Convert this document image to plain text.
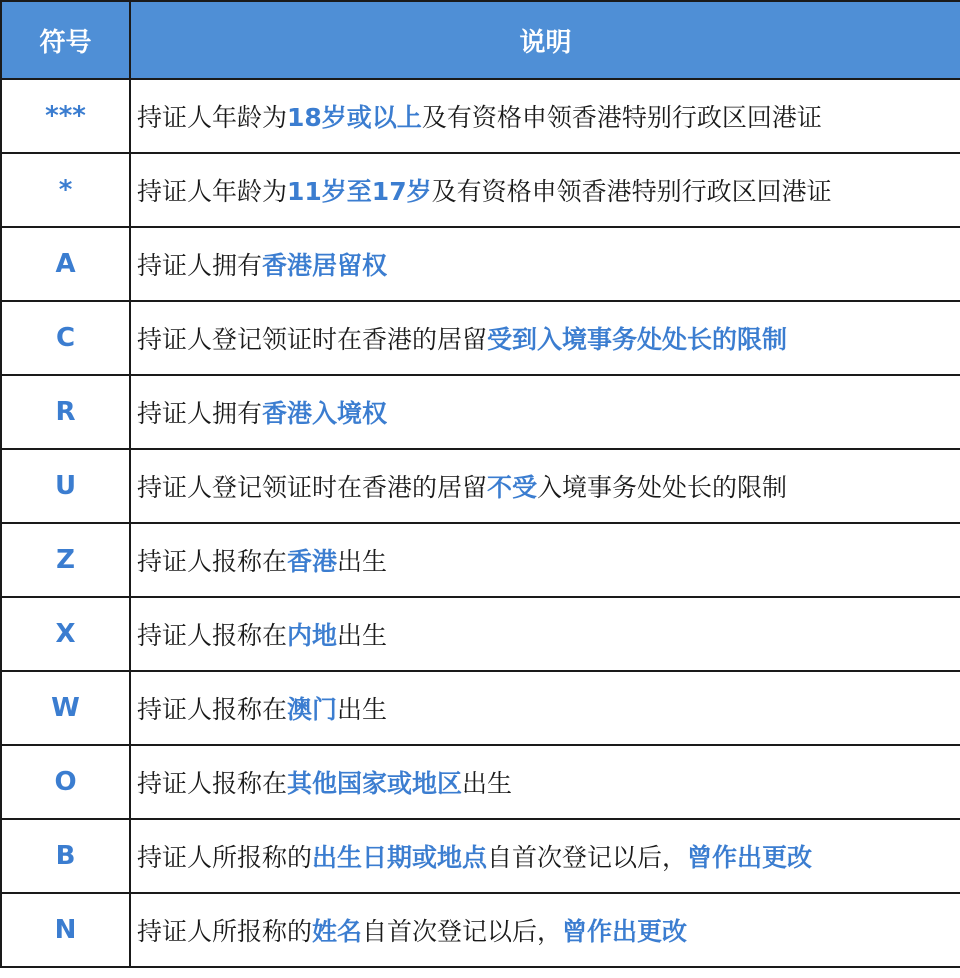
符号	说明
***	持证人年龄为18岁或以上及有资格申领香港特别行政区回港证
*	持证人年龄为11岁至17岁及有资格申领香港特别行政区回港证
A	持证人拥有香港居留权
C	持证人登记领证时在香港的居留受到入境事务处处长的限制
R	持证人拥有香港入境权
U	持证人登记领证时在香港的居留不受入境事务处处长的限制
Z	持证人报称在香港出生
X	持证人报称在内地出生
W	持证人报称在澳门出生
O	持证人报称在其他国家或地区出生
B	持证人所报称的出生日期或地点自首次登记以后，曾作出更改
N	持证人所报称的姓名自首次登记以后，曾作出更改
